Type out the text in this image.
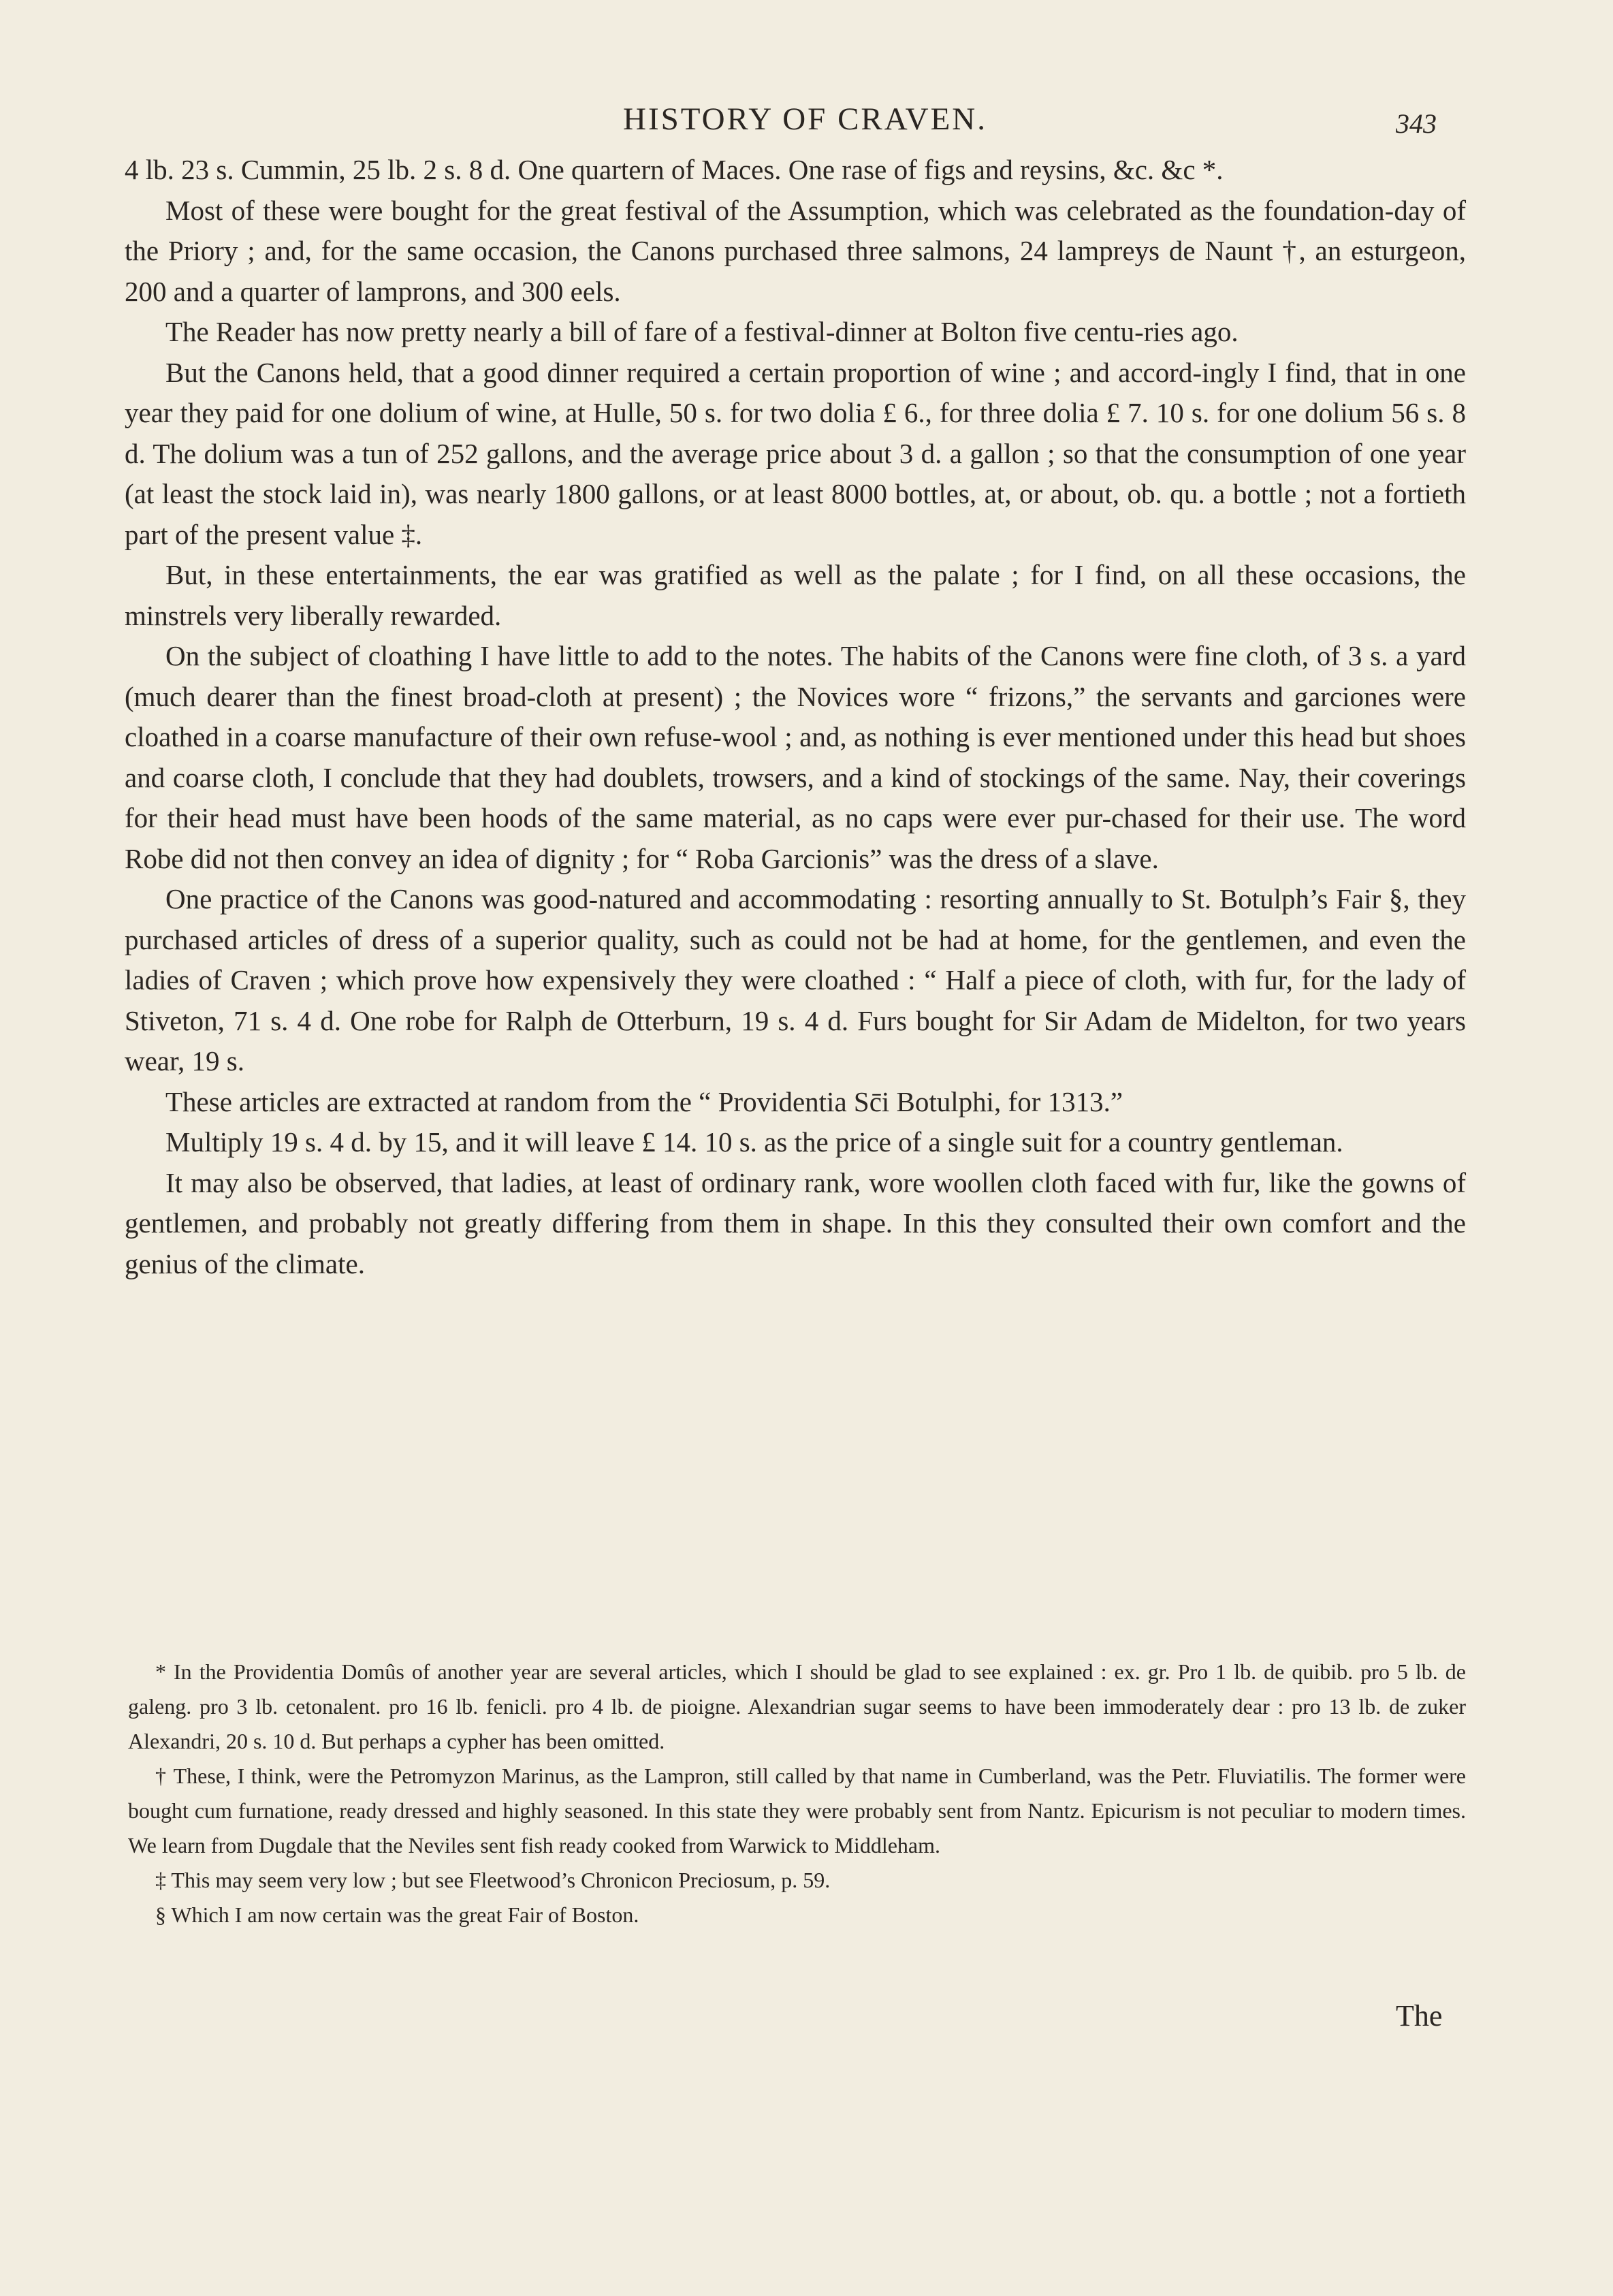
HISTORY OF CRAVEN.	343

4 lb. 23 s. Cummin, 25 lb. 2 s. 8 d. One quartern of Maces. One rase of figs and reysins, &c. &c *.

Most of these were bought for the great festival of the Assumption, which was celebrated as the foundation-day of the Priory ; and, for the same occasion, the Canons purchased three salmons, 24 lampreys de Naunt †, an esturgeon, 200 and a quarter of lamprons, and 300 eels.

The Reader has now pretty nearly a bill of fare of a festival-dinner at Bolton five centu-ries ago.

But the Canons held, that a good dinner required a certain proportion of wine ; and accord-ingly I find, that in one year they paid for one dolium of wine, at Hulle, 50 s. for two dolia £ 6., for three dolia £ 7. 10 s. for one dolium 56 s. 8 d. The dolium was a tun of 252 gallons, and the average price about 3 d. a gallon ; so that the consumption of one year (at least the stock laid in), was nearly 1800 gallons, or at least 8000 bottles, at, or about, ob. qu. a bottle ; not a fortieth part of the present value ‡.

But, in these entertainments, the ear was gratified as well as the palate ; for I find, on all these occasions, the minstrels very liberally rewarded.

On the subject of cloathing I have little to add to the notes. The habits of the Canons were fine cloth, of 3 s. a yard (much dearer than the finest broad-cloth at present) ; the Novices wore “ frizons,” the servants and garciones were cloathed in a coarse manufacture of their own refuse-wool ; and, as nothing is ever mentioned under this head but shoes and coarse cloth, I conclude that they had doublets, trowsers, and a kind of stockings of the same. Nay, their coverings for their head must have been hoods of the same material, as no caps were ever pur-chased for their use. The word Robe did not then convey an idea of dignity ; for “ Roba Garcionis” was the dress of a slave.

One practice of the Canons was good-natured and accommodating : resorting annually to St. Botulph’s Fair §, they purchased articles of dress of a superior quality, such as could not be had at home, for the gentlemen, and even the ladies of Craven ; which prove how expensively they were cloathed : “ Half a piece of cloth, with fur, for the lady of Stiveton, 71 s. 4 d. One robe for Ralph de Otterburn, 19 s. 4 d. Furs bought for Sir Adam de Midelton, for two years wear, 19 s.

These articles are extracted at random from the “ Providentia Sc̄i Botulphi, for 1313.”

Multiply 19 s. 4 d. by 15, and it will leave £ 14. 10 s. as the price of a single suit for a country gentleman.

It may also be observed, that ladies, at least of ordinary rank, wore woollen cloth faced with fur, like the gowns of gentlemen, and probably not greatly differing from them in shape. In this they consulted their own comfort and the genius of the climate.

* In the Providentia Domûs of another year are several articles, which I should be glad to see explained : ex. gr. Pro 1 lb. de quibib. pro 5 lb. de galeng. pro 3 lb. cetonalent. pro 16 lb. fenicli. pro 4 lb. de pioigne. Alexandrian sugar seems to have been immoderately dear : pro 13 lb. de zuker Alexandri, 20 s. 10 d. But perhaps a cypher has been omitted.

† These, I think, were the Petromyzon Marinus, as the Lampron, still called by that name in Cumberland, was the Petr. Fluviatilis. The former were bought cum furnatione, ready dressed and highly seasoned. In this state they were probably sent from Nantz. Epicurism is not peculiar to modern times. We learn from Dugdale that the Neviles sent fish ready cooked from Warwick to Middleham.

‡ This may seem very low ; but see Fleetwood’s Chronicon Preciosum, p. 59.

§ Which I am now certain was the great Fair of Boston.

The
